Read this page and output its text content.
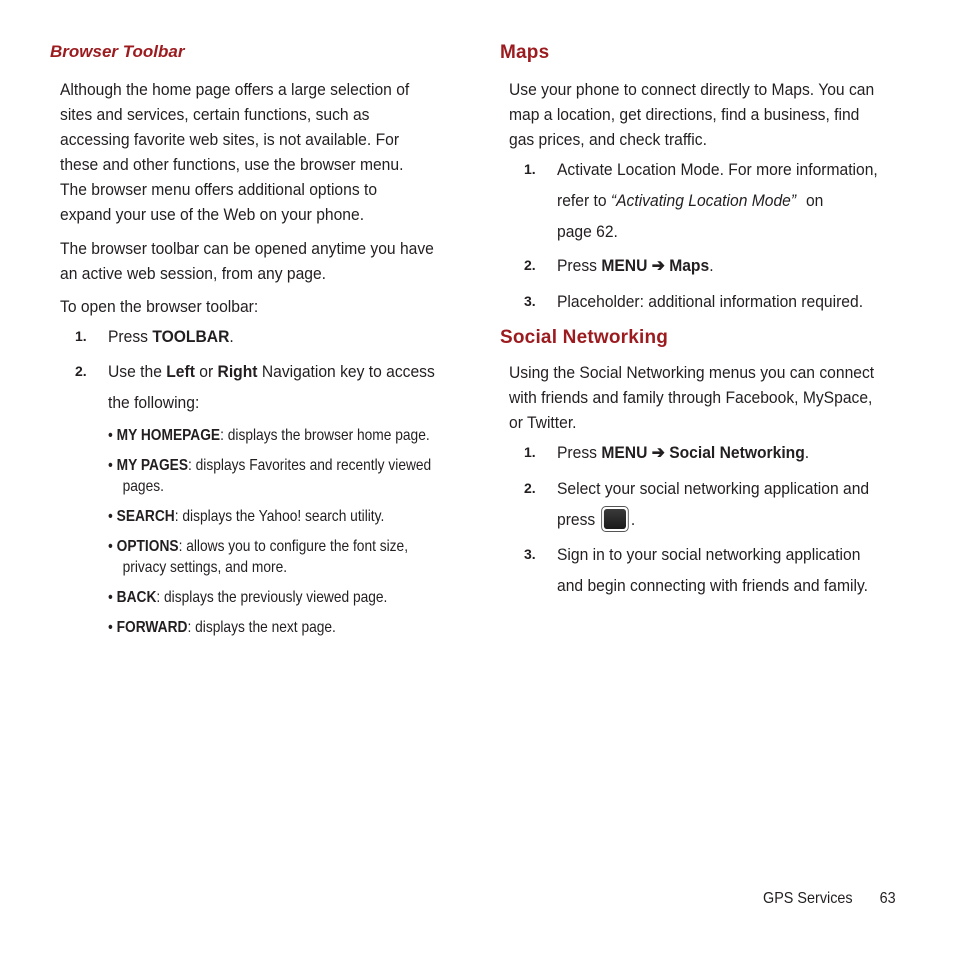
Browser Toolbar

Although the home page offers a large selection of
sites and services, certain functions, such as
accessing favorite web sites, is not available. For
these and other functions, use the browser menu.
The browser menu offers additional options to
expand your use of the Web on your phone.

The browser toolbar can be opened anytime you have
an active web session, from any page.

To open the browser toolbar:

1. Press TOOLBAR.
2. Use the Left or Right Navigation key to access
the following:
• MY HOMEPAGE: displays the browser home page.
• MY PAGES: displays Favorites and recently viewed
pages.
• SEARCH: displays the Yahoo! search utility.
• OPTIONS: allows you to configure the font size,
privacy settings, and more.
• BACK: displays the previously viewed page.
• FORWARD: displays the next page.
Maps

Use your phone to connect directly to Maps. You can
map a location, get directions, find a business, find
gas prices, and check traffic.

1. Activate Location Mode. For more information,
refer to “Activating Location Mode” on
page 62.
2. Press MENU ➔ Maps.
3. Placeholder: additional information required.
Social Networking

Using the Social Networking menus you can connect
with friends and family through Facebook, MySpace,
or Twitter.

1. Press MENU ➔ Social Networking.
2. Select your social networking application and
press .
3. Sign in to your social networking application
and begin connecting with friends and family.
GPS Services 63
